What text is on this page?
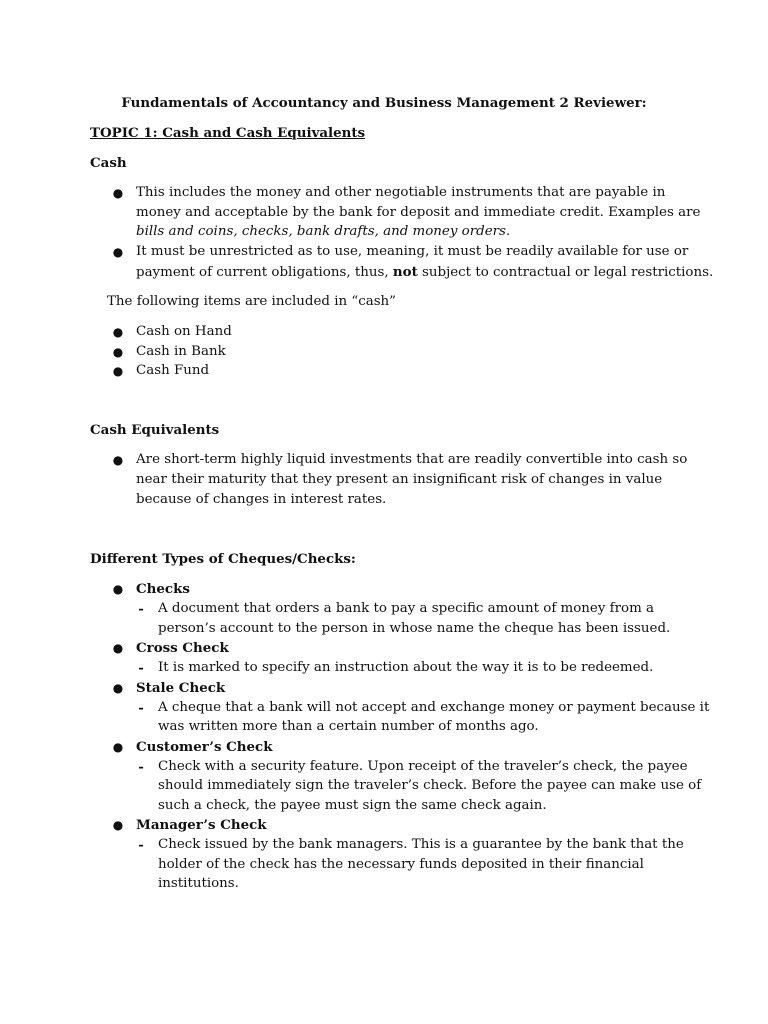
Fundamentals of Accountancy and Business Management 2 Reviewer:
TOPIC 1: Cash and Cash Equivalents
Cash
● This includes the money and other negotiable instruments that are payable in
money and acceptable by the bank for deposit and immediate credit. Examples are
bills and coins, checks, bank drafts, and money orders.
● It must be unrestricted as to use, meaning, it must be readily available for use or
payment of current obligations, thus, not subject to contractual or legal restrictions.
The following items are included in “cash”
● Cash on Hand
● Cash in Bank
● Cash Fund
Cash Equivalents
● Are short-term highly liquid investments that are readily convertible into cash so
near their maturity that they present an insignificant risk of changes in value
because of changes in interest rates.
Different Types of Cheques/Checks:
● Checks
- A document that orders a bank to pay a specific amount of money from a
person’s account to the person in whose name the cheque has been issued.
● Cross Check
- It is marked to specify an instruction about the way it is to be redeemed.
● Stale Check
- A cheque that a bank will not accept and exchange money or payment because it
was written more than a certain number of months ago.
● Customer’s Check
- Check with a security feature. Upon receipt of the traveler’s check, the payee
should immediately sign the traveler’s check. Before the payee can make use of
such a check, the payee must sign the same check again.
● Manager’s Check
- Check issued by the bank managers. This is a guarantee by the bank that the
holder of the check has the necessary funds deposited in their financial
institutions.
